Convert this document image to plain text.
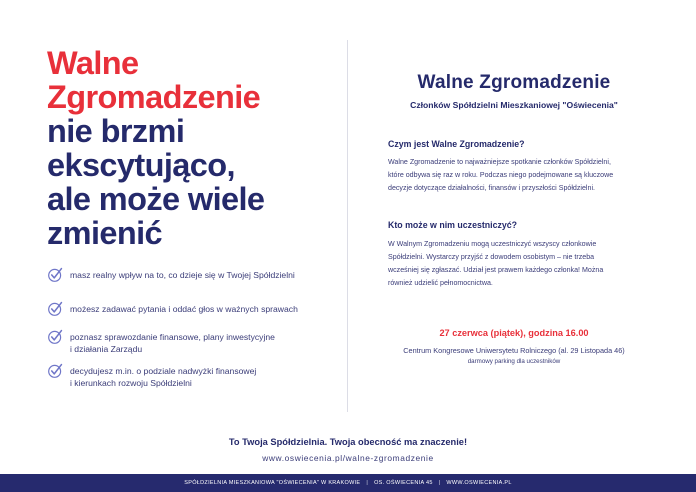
Walne
Zgromadzenie
nie brzmi
ekscytująco,
ale może wiele
zmienić
masz realny wpływ na to, co dzieje się w Twojej Spółdzielni
możesz zadawać pytania i oddać głos w ważnych sprawach
poznasz sprawozdanie finansowe, plany inwestycyjne
i działania Zarządu
decydujesz m.in. o podziale nadwyżki finansowej
i kierunkach rozwoju Spółdzielni
Walne Zgromadzenie
Członków Spółdzielni Mieszkaniowej "Oświecenia"
Czym jest Walne Zgromadzenie?
Walne Zgromadzenie to najważniejsze spotkanie członków Spółdzielni,
które odbywa się raz w roku. Podczas niego podejmowane są kluczowe
decyzje dotyczące działalności, finansów i przyszłości Spółdzielni.
Kto może w nim uczestniczyć?
W Walnym Zgromadzeniu mogą uczestniczyć wszyscy członkowie
Spółdzielni. Wystarczy przyjść z dowodem osobistym – nie trzeba
wcześniej się zgłaszać. Udział jest prawem każdego członka! Można
również udzielić pełnomocnictwa.
27 czerwca (piątek), godzina 16.00
Centrum Kongresowe Uniwersytetu Rolniczego (al. 29 Listopada 46)
darmowy parking dla uczestników
To Twoja Spółdzielnia. Twoja obecność ma znaczenie!
www.oswiecenia.pl/walne-zgromadzenie
SPÓŁDZIELNIA MIESZKANIOWA "OŚWIECENIA" W KRAKOWIE | OS. OŚWIECENIA 45 | WWW.OSWIECENIA.PL
